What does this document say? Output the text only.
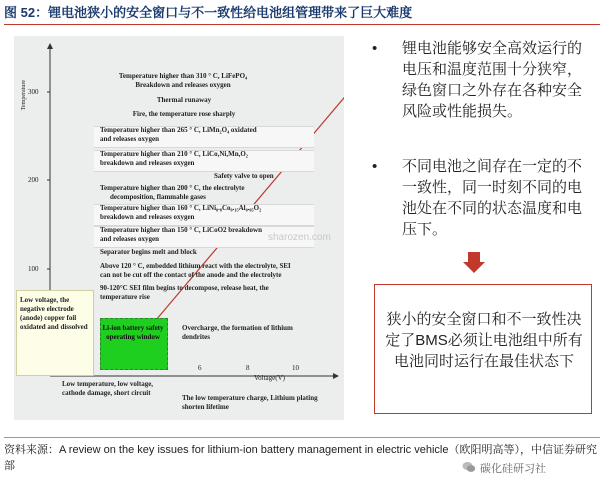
图 52：锂电池狭小的安全窗口与不一致性给电池组管理带来了巨大难度
Temperature 300
200
100
6	8	10
Voltage(V)
Temperature higher than 310 ° C, LiFePO₄
Breakdown and releases oxygen
Thermal runaway
Fire, the temperature rose sharply
Temperature higher than 265 ° C, LiMn₂O₄ oxidated
and releases oxygen
Temperature higher than 210 ° C, LiCo,Ni,Mn,O₂
breakdown and releases oxygen
Safety valve to open
Temperature higher than 200 ° C, the electrolyte
decomposition, flammable gases
Temperature higher than 160 ° C, LiNi₀.₈Co₀.₁₅Al₀.₀₅O₂
breakdown and releases oxygen
Temperature higher than 150 ° C, LiCoO2 breakdown
and releases oxygen
Separator begins melt and block
Above 120 ° C, embedded lithium react with the electrolyte, SEI
can not be cut off the contact of the anode and the electrolyte
90-120°C SEI film begins to decompose, release heat, the
temperature rise
Low voltage, the negative electrode (anode) copper foil oxidated and dissolved	Li-ion battery safety operating window
Overcharge, the formation of lithium dendrites
Low temperature, low voltage, cathode damage, short circuit
The low temperature charge, Lithium plating shorten lifetime
• 锂电池能够安全高效运行的电压和温度范围十分狭窄，绿色窗口之外存在各种安全风险或性能损失。
• 不同电池之间存在一定的不一致性，同一时刻不同的电池处在不同的状态温度和电压下。
狭小的安全窗口和不一致性决定了BMS必须让电池组中所有电池同时运行在最佳状态下
sharozen.com
资料来源：A review on the key issues for lithium-ion battery management in electric vehicle（欧阳明高等），中信证券研究部	碳化硅研习社
